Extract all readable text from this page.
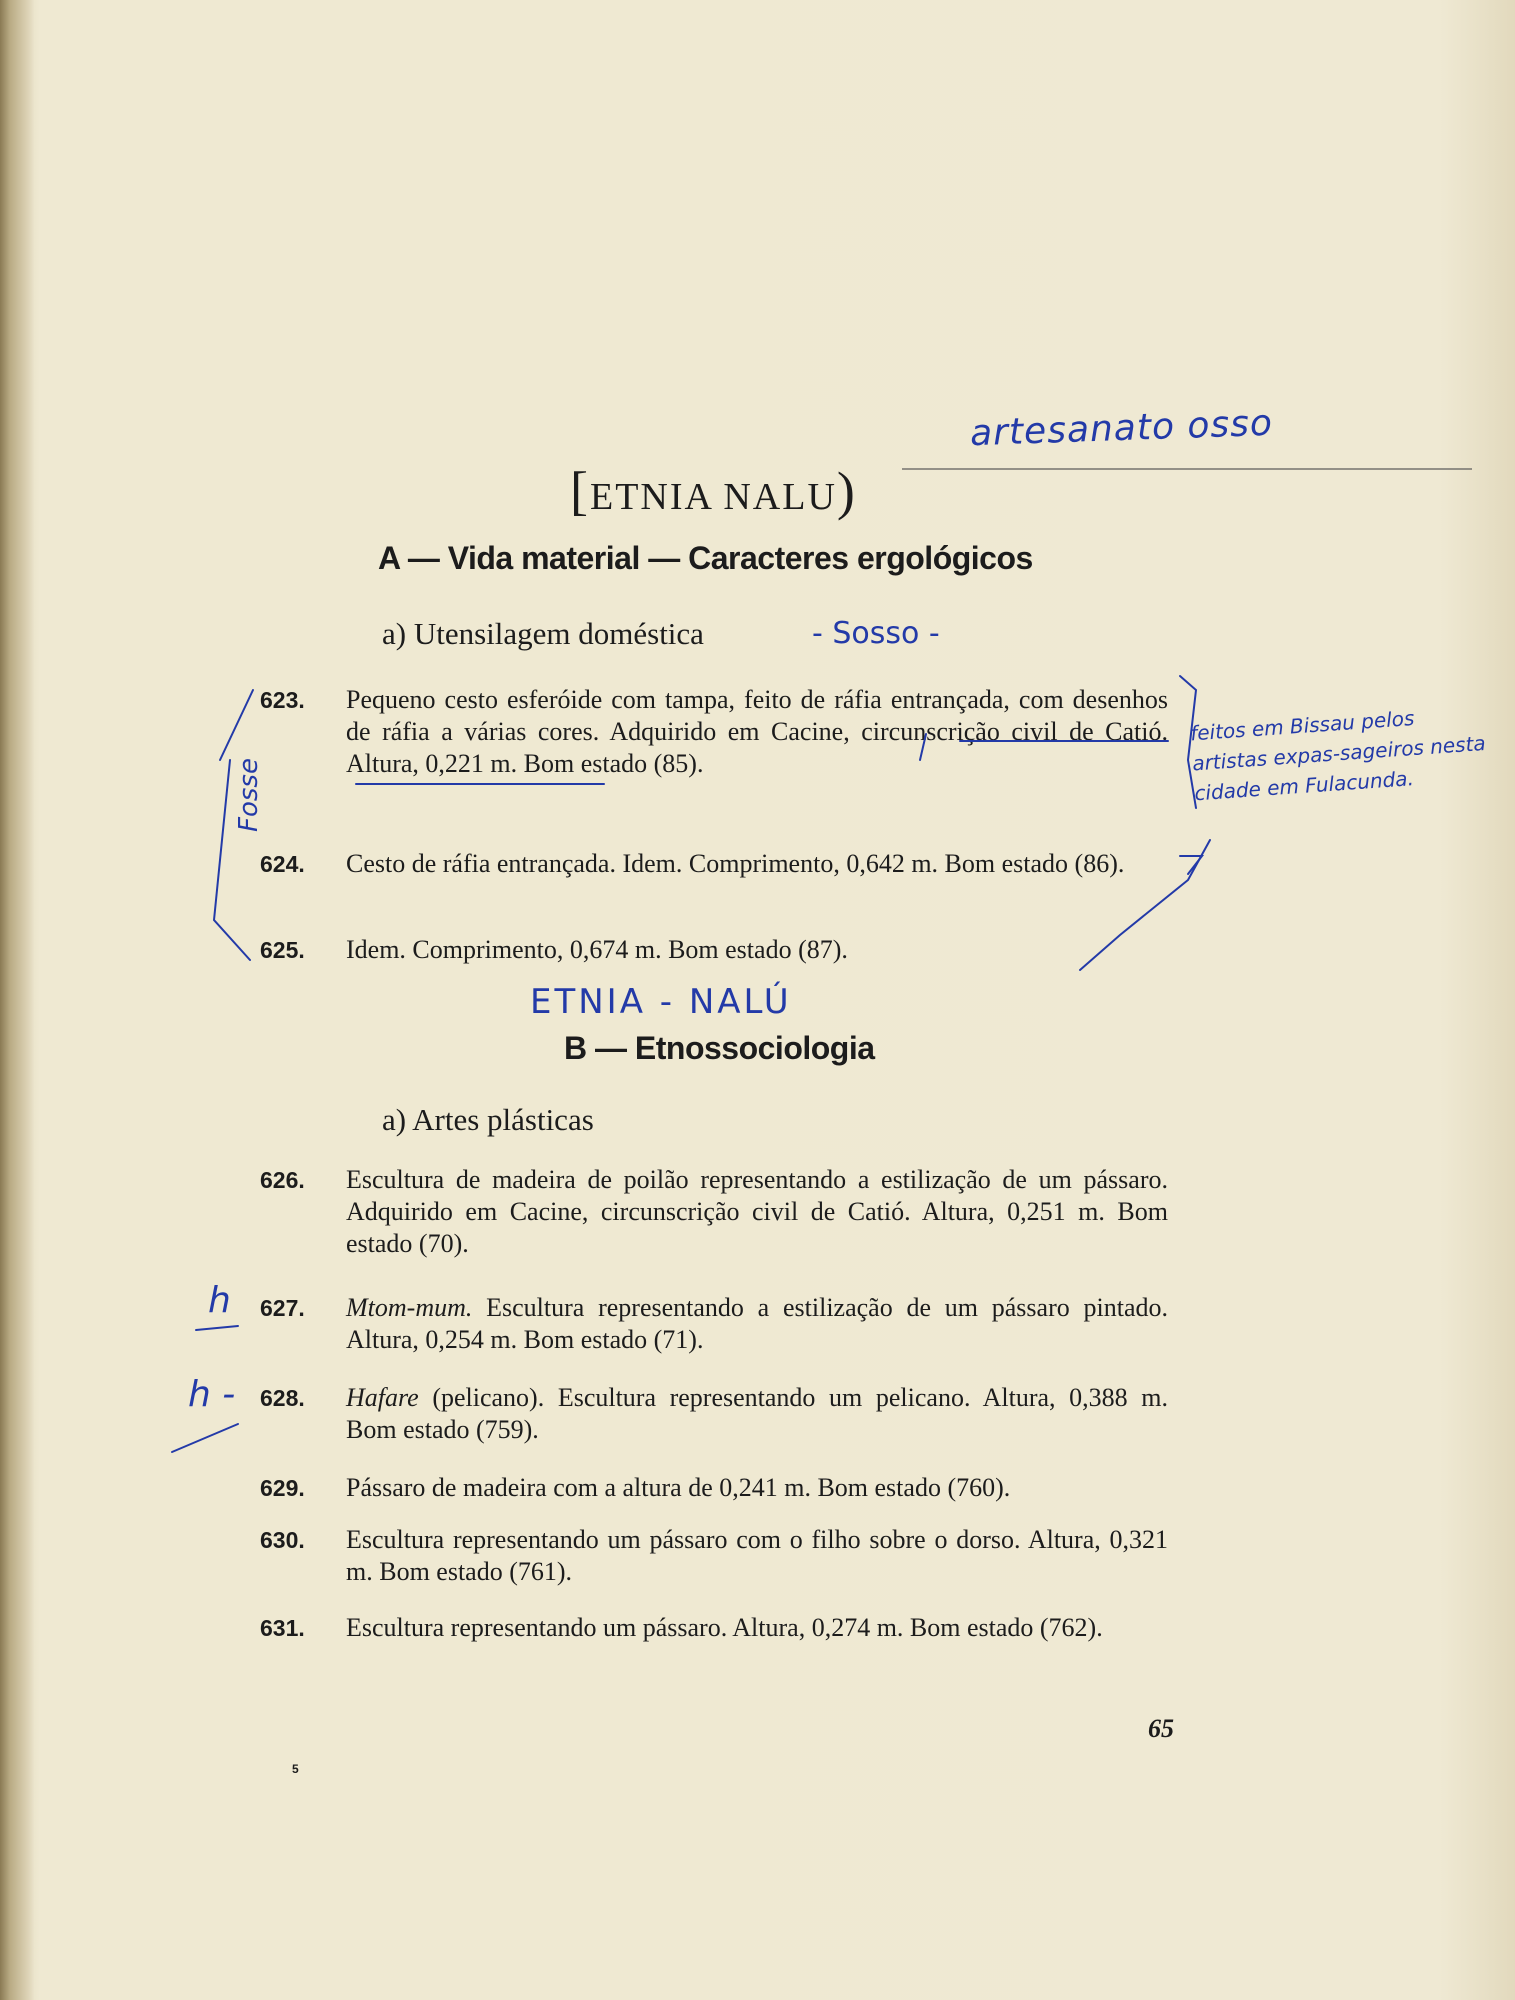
[ETNIA NALU)
artesanato osso
A — Vida material — Caracteres ergológicos
a) Utensilagem doméstica	- Sosso -
623.	Pequeno cesto esferóide com tampa, feito de ráfia entrançada, com desenhos de ráfia a várias cores. Adquirido em Cacine, circunscrição civil de Catió. Altura, 0,221 m. Bom estado (85).
624.	Cesto de ráfia entrançada. Idem. Comprimento, 0,642 m. Bom estado (86).
625.	Idem. Comprimento, 0,674 m. Bom estado (87).
ETNIA - NALÚ
B — Etnossociologia
a) Artes plásticas
626.	Escultura de madeira de poilão representando a estilização de um pássaro. Adquirido em Cacine, circunscrição civil de Catió. Altura, 0,251 m. Bom estado (70).
627.	Mtom-mum. Escultura representando a estilização de um pássaro pintado. Altura, 0,254 m. Bom estado (71).
628.	Hafare (pelicano). Escultura representando um pelicano. Altura, 0,388 m. Bom estado (759).
629.	Pássaro de madeira com a altura de 0,241 m. Bom estado (760).
630.	Escultura representando um pássaro com o filho sobre o dorso. Altura, 0,321 m. Bom estado (761).
631.	Escultura representando um pássaro. Altura, 0,274 m. Bom estado (762).
feitos em Bissau pelos artistas expas-sageiros nesta cidade em Fulacunda.
Fosse
h
h -
65
5
